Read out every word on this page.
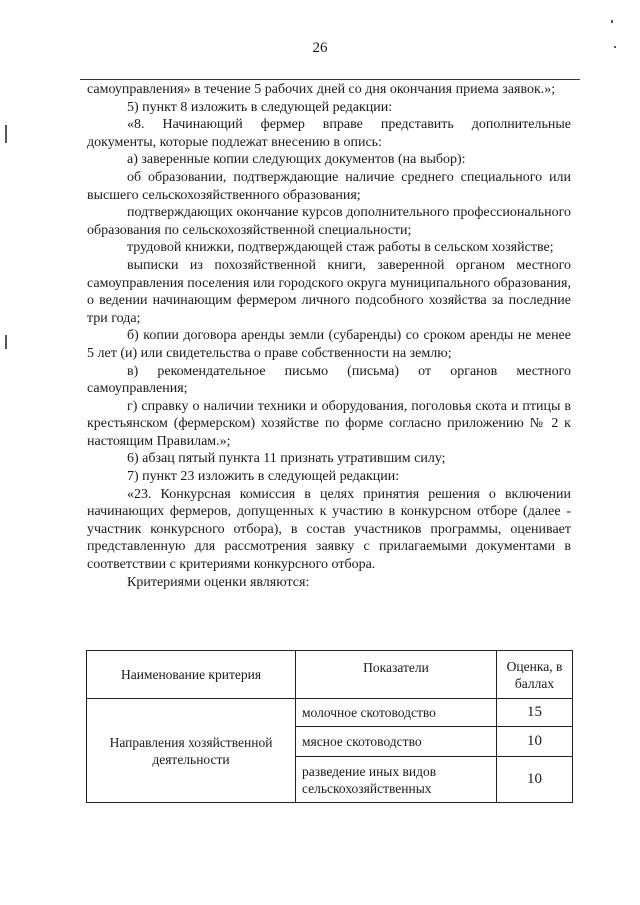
26

самоуправления» в течение 5 рабочих дней со дня окончания приема заявок.»;

5) пункт 8 изложить в следующей редакции:

«8. Начинающий фермер вправе представить дополнительные документы, которые подлежат внесению в опись:

а) заверенные копии следующих документов (на выбор):

об образовании, подтверждающие наличие среднего специального или высшего сельскохозяйственного образования;

подтверждающих окончание курсов дополнительного профессионального образования по сельскохозяйственной специальности;

трудовой книжки, подтверждающей стаж работы в сельском хозяйстве;

выписки из похозяйственной книги, заверенной органом местного самоуправления поселения или городского округа муниципального образования, о ведении начинающим фермером личного подсобного хозяйства за последние три года;

б) копии договора аренды земли (субаренды) со сроком аренды не менее 5 лет (и) или свидетельства о праве собственности на землю;

в) рекомендательное письмо (письма) от органов местного самоуправления;

г) справку о наличии техники и оборудования, поголовья скота и птицы в крестьянском (фермерском) хозяйстве по форме согласно приложению № 2 к настоящим Правилам.»;

6) абзац пятый пункта 11 признать утратившим силу;

7) пункт 23 изложить в следующей редакции:

«23. Конкурсная комиссия в целях принятия решения о включении начинающих фермеров, допущенных к участию в конкурсном отборе (далее - участник конкурсного отбора), в состав участников программы, оценивает представленную для рассмотрения заявку с прилагаемыми документами в соответствии с критериями конкурсного отбора.

Критериями оценки являются:

Наименование критерия	Показатели	Оценка, в баллах
Направления хозяйственной деятельности	молочное скотоводство	15
	мясное скотоводство	10
	разведение иных видов сельскохозяйственных	10
